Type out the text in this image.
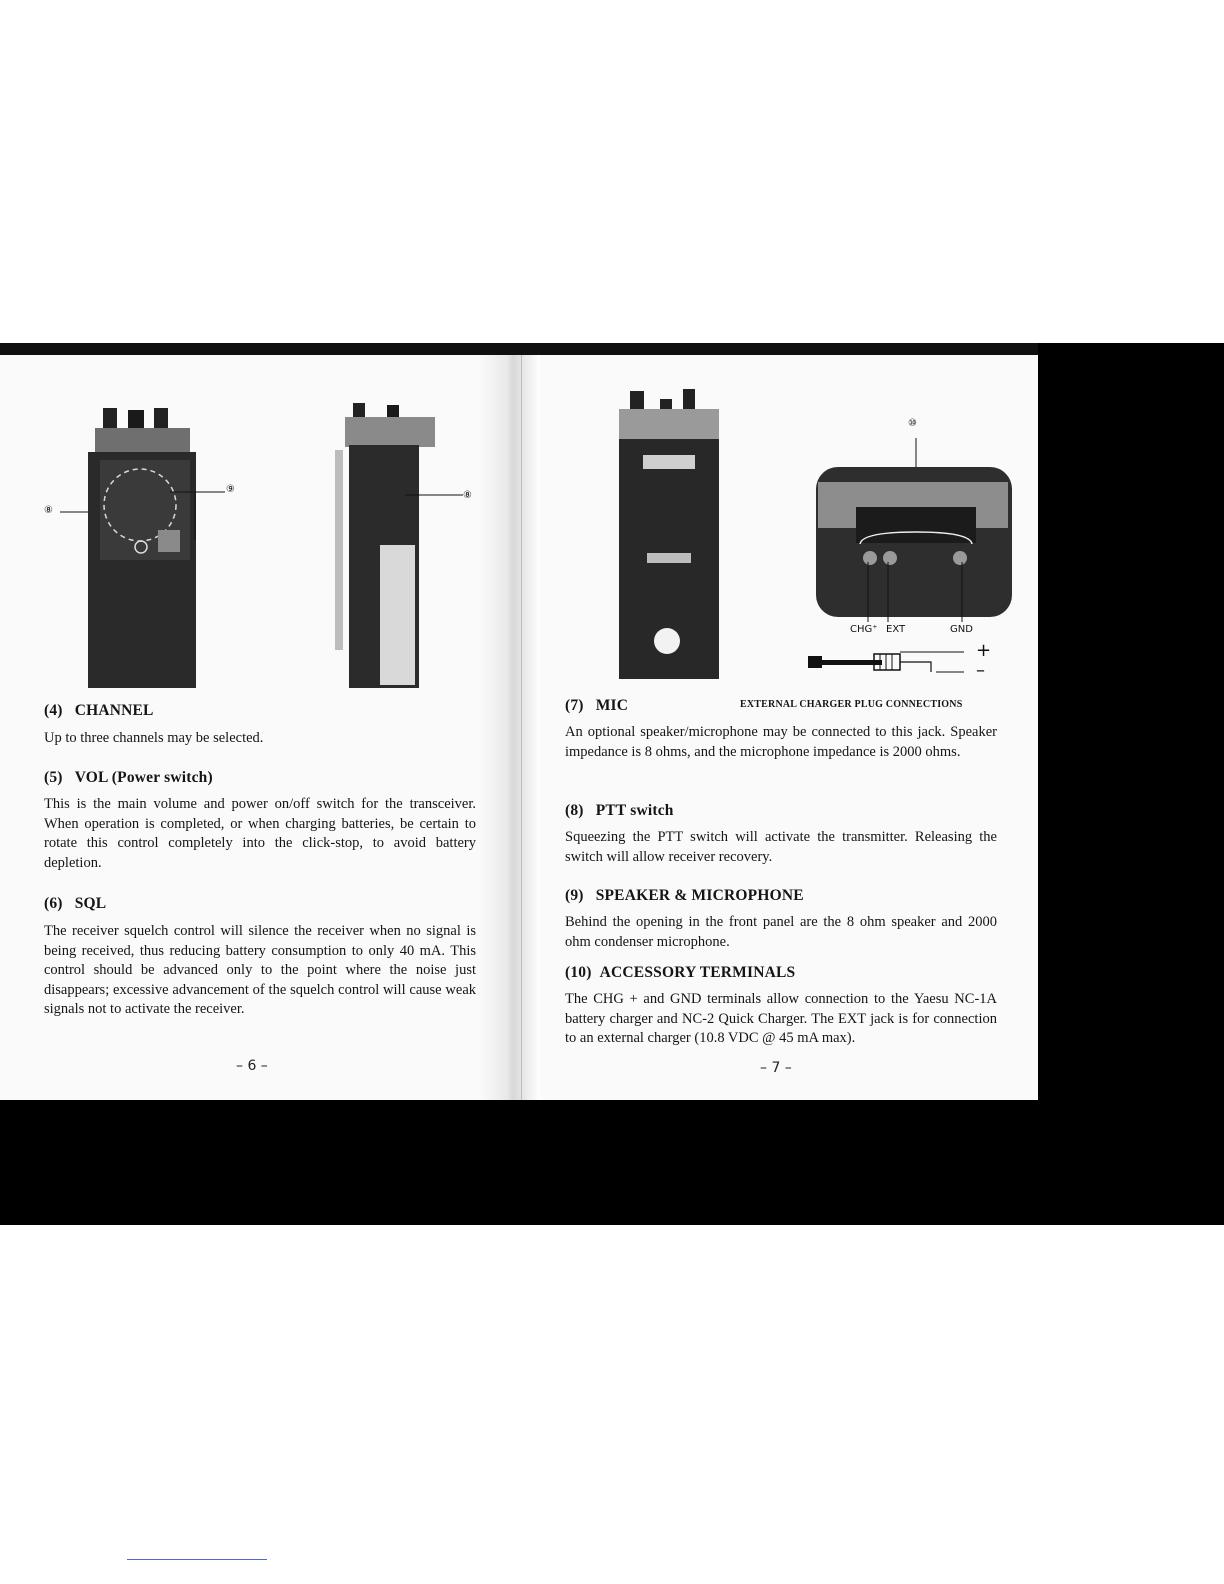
⑧
⑨
⑧
(4) CHANNEL
Up to three channels may be selected.
(5) VOL (Power switch)
This is the main volume and power on/off switch for the transceiver. When operation is completed, or when charging batteries, be certain to rotate this control completely into the click-stop, to avoid battery depletion.
(6) SQL
The receiver squelch control will silence the receiver when no signal is being received, thus reducing battery consumption to only 40 mA. This control should be advanced only to the point where the noise just disappears; excessive advancement of the squelch control will cause weak signals not to activate the receiver.
– 6 –
⑩
CHG⁺ EXT	GND
+
–
(7) MIC	EXTERNAL CHARGER PLUG CONNECTIONS
An optional speaker/microphone may be connected to this jack. Speaker impedance is 8 ohms, and the microphone impedance is 2000 ohms.
(8) PTT switch
Squeezing the PTT switch will activate the transmitter. Releasing the switch will allow receiver recovery.
(9) SPEAKER & MICROPHONE
Behind the opening in the front panel are the 8 ohm speaker and 2000 ohm condenser microphone.
(10) ACCESSORY TERMINALS
The CHG + and GND terminals allow connection to the Yaesu NC-1A battery charger and NC-2 Quick Charger. The EXT jack is for connection to an external charger (10.8 VDC @ 45 mA max).
– 7 –
